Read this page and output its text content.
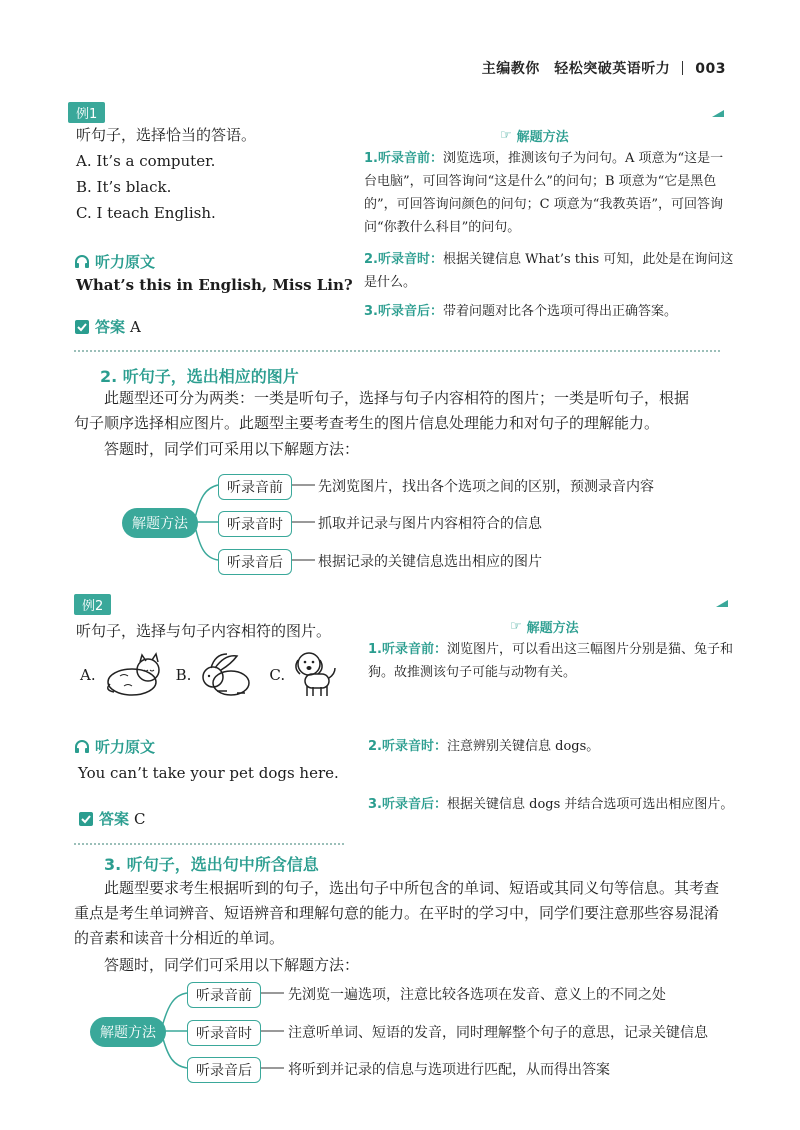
主编教你　轻松突破英语听力 003
例1
听句子，选择恰当的答语。
A. It’s a computer.
B. It’s black.
C. I teach English.
听力原文
What’s this in English, Miss Lin?
答案 A
☞ 解题方法
1.听录音前：浏览选项，推测该句子为问句。A 项意为“这是一台电脑”，可回答询问“这是什么”的问句；B 项意为“它是黑色的”，可回答询问颜色的问句；C 项意为“我教英语”，可回答询问“你教什么科目”的问句。
2.听录音时：根据关键信息 What’s this 可知，此处是在询问这是什么。
3.听录音后：带着问题对比各个选项可得出正确答案。
2. 听句子，选出相应的图片
此题型还可分为两类：一类是听句子，选择与句子内容相符的图片；一类是听句子，根据句子顺序选择相应图片。此题型主要考查考生的图片信息处理能力和对句子的理解能力。
答题时，同学们可采用以下解题方法：
解题方法
听录音前
听录音时
听录音后
先浏览图片，找出各个选项之间的区别，预测录音内容
抓取并记录与图片内容相符合的信息
根据记录的关键信息选出相应的图片
例2
听句子，选择与句子内容相符的图片。
A.	B.	C.
听力原文
You can’t take your pet dogs here.
答案 C
☞ 解题方法
1.听录音前：浏览图片，可以看出这三幅图片分别是猫、兔子和狗。故推测该句子可能与动物有关。
2.听录音时：注意辨别关键信息 dogs。
3.听录音后：根据关键信息 dogs 并结合选项可选出相应图片。
3. 听句子，选出句中所含信息
此题型要求考生根据听到的句子，选出句子中所包含的单词、短语或其同义句等信息。其考查重点是考生单词辨音、短语辨音和理解句意的能力。在平时的学习中，同学们要注意那些容易混淆的音素和读音十分相近的单词。
答题时，同学们可采用以下解题方法：
解题方法
听录音前
听录音时
听录音后
先浏览一遍选项，注意比较各选项在发音、意义上的不同之处
注意听单词、短语的发音，同时理解整个句子的意思，记录关键信息
将听到并记录的信息与选项进行匹配，从而得出答案
